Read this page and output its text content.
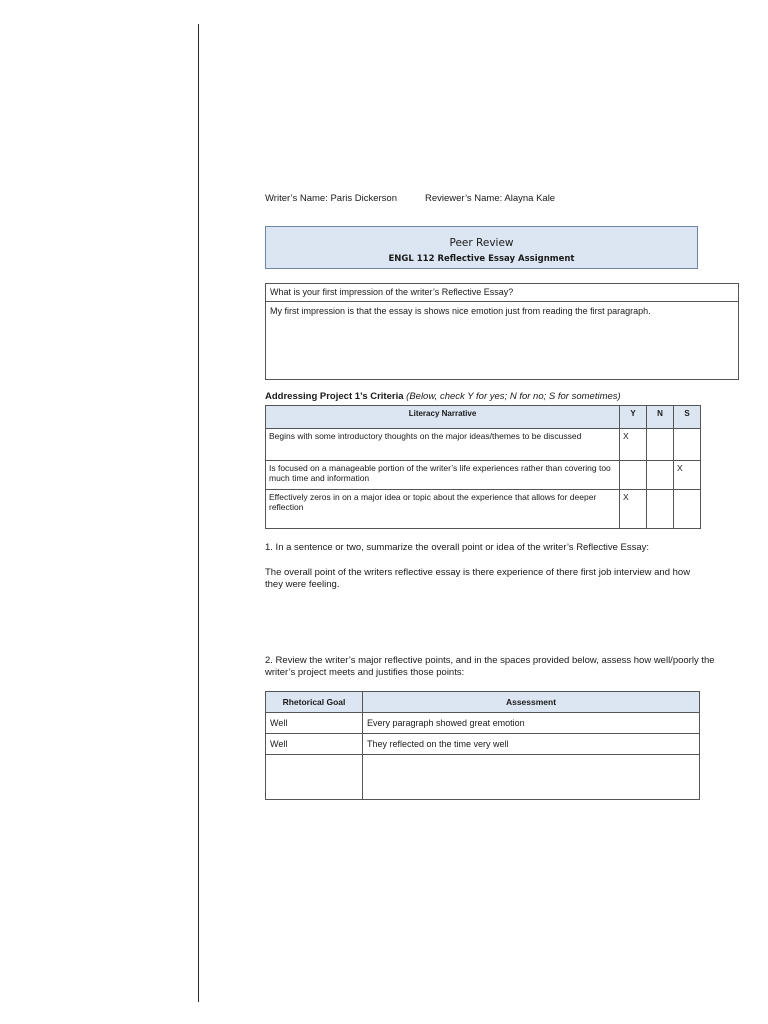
Writer’s Name: Paris Dickerson	Reviewer’s Name: Alayna Kale
Peer Review
ENGL 112 Reflective Essay Assignment
What is your first impression of the writer’s Reflective Essay?
My first impression is that the essay is shows nice emotion just from reading the first paragraph.
Addressing Project 1’s Criteria (Below, check Y for yes; N for no; S for sometimes)
Literacy Narrative	Y	N	S
Begins with some introductory thoughts on the major ideas/themes to be discussed	X		
Is focused on a manageable portion of the writer’s life experiences rather than covering too much time and information			X
Effectively zeros in on a major idea or topic about the experience that allows for deeper reflection	X		
1. In a sentence or two, summarize the overall point or idea of the writer’s Reflective Essay:
The overall point of the writers reflective essay is there experience of there first job interview and how they were feeling.
2. Review the writer’s major reflective points, and in the spaces provided below, assess how well/poorly the writer’s project meets and justifies those points:
Rhetorical Goal	Assessment
Well	Every paragraph showed great emotion
Well	They reflected on the time very well
